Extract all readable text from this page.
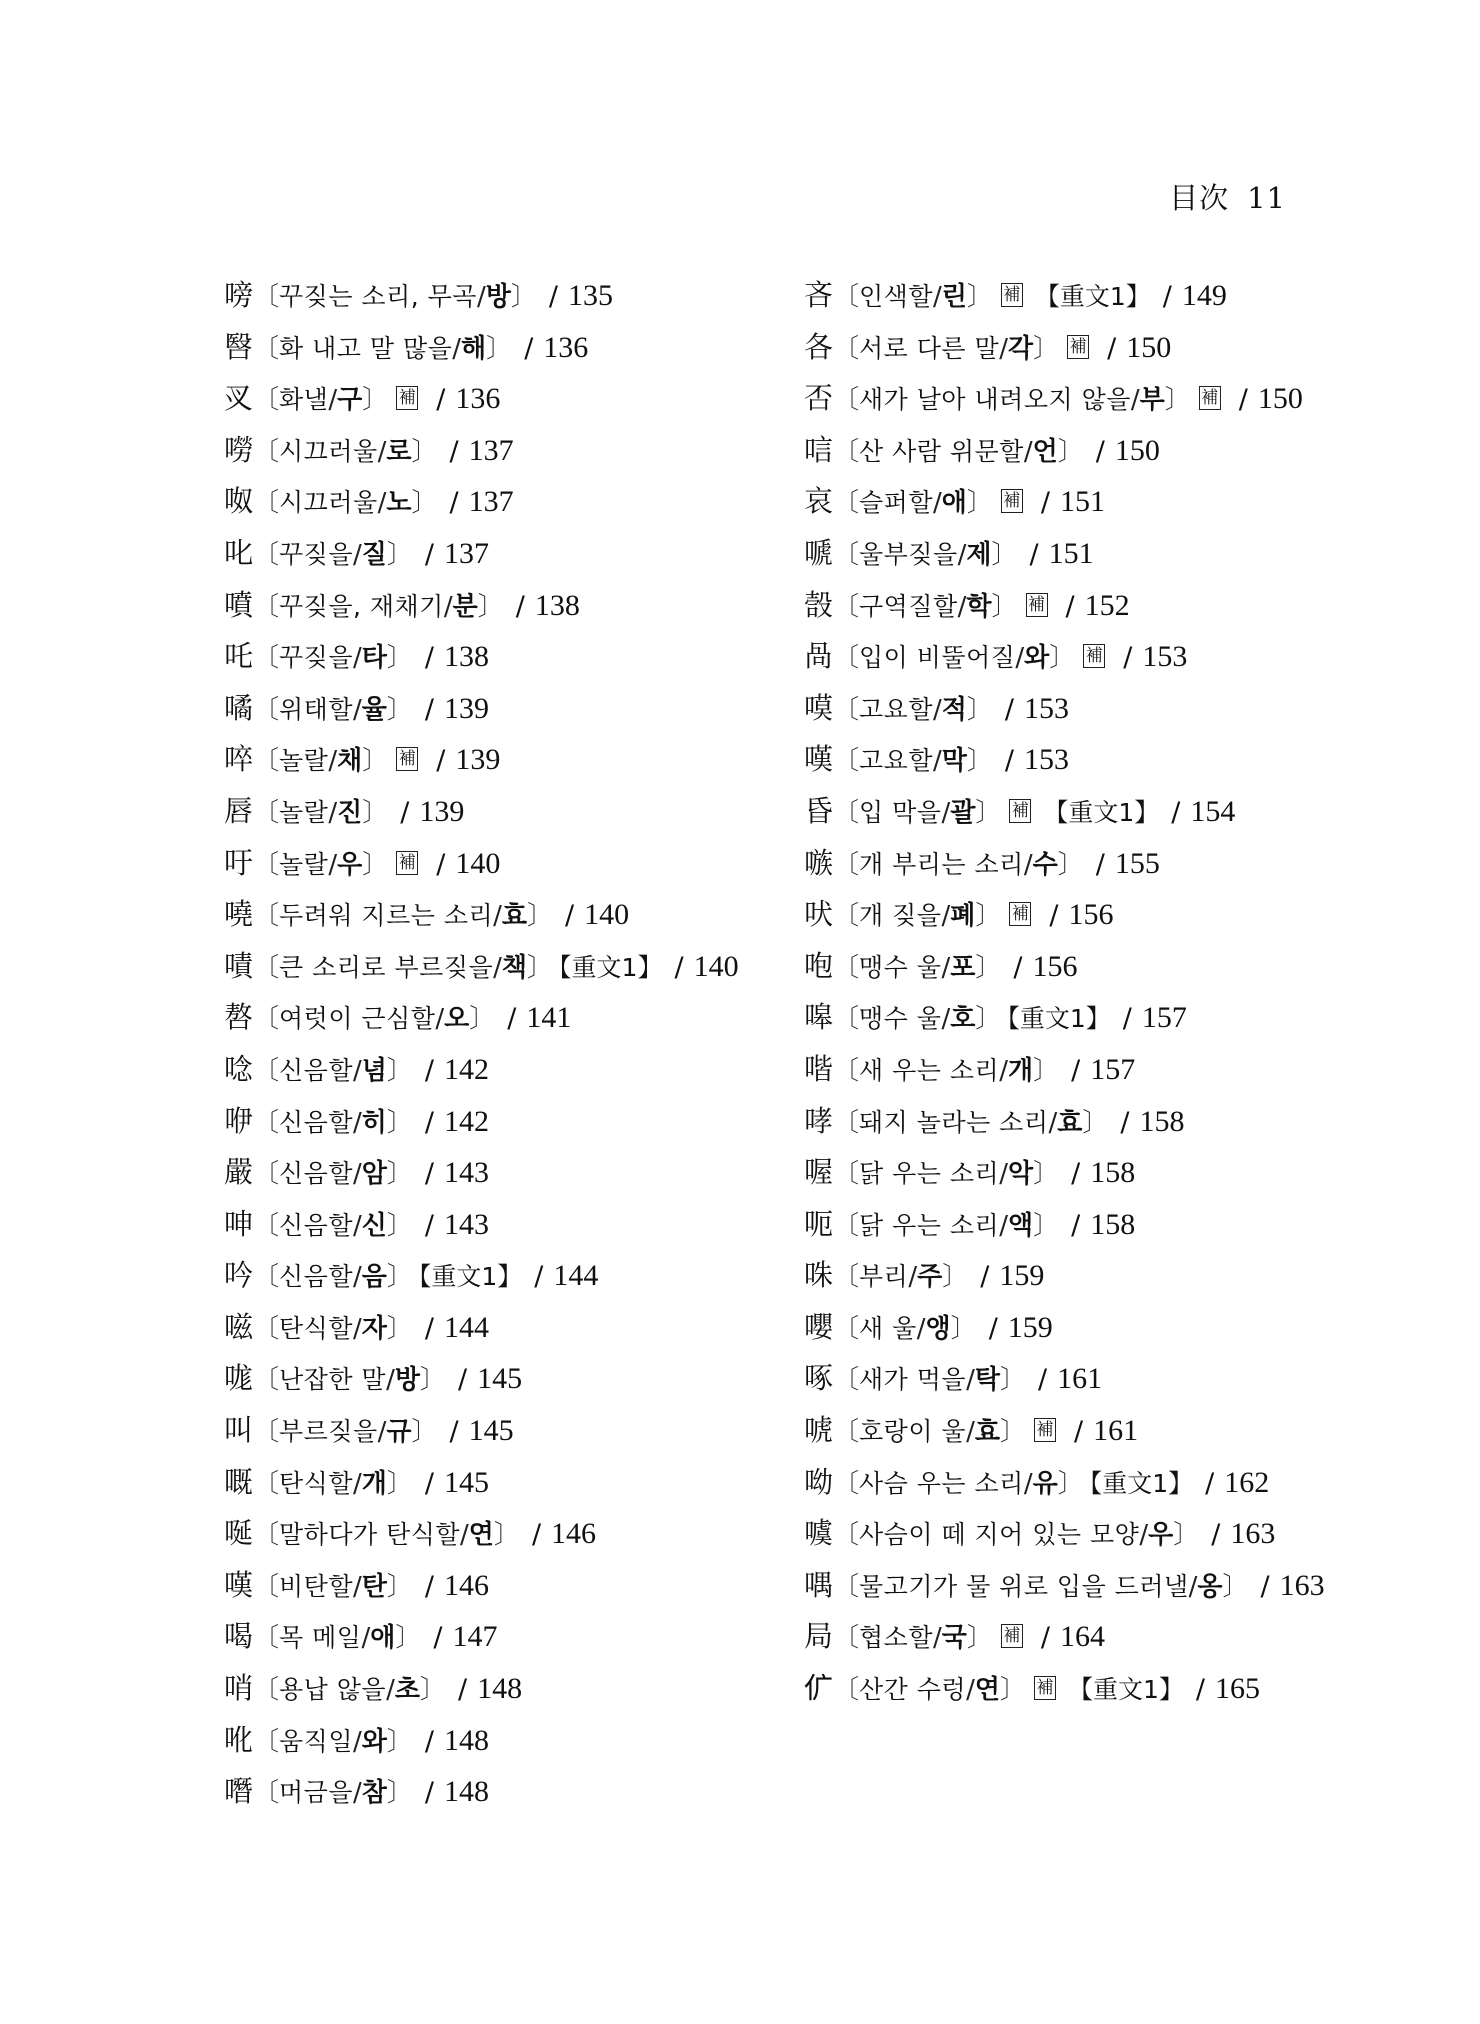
目次 11
嗙〔꾸짖는 소리, 무곡/방〕 / 135
㗨〔화 내고 말 많을/해〕 / 136
㕚〔화낼/구〕 補 / 136
嘮〔시끄러울/로〕 / 137
呶〔시끄러울/노〕 / 137
叱〔꾸짖을/질〕 / 137
噴〔꾸짖을, 재채기/분〕 / 138
吒〔꾸짖을/타〕 / 138
噊〔위태할/율〕 / 139
啐〔놀랄/채〕 補 / 139
唇〔놀랄/진〕 / 139
吁〔놀랄/우〕 補 / 140
嘵〔두려워 지르는 소리/효〕 / 140
嘖〔큰 소리로 부르짖을/책〕 【重文1】 / 140
嗸〔여럿이 근심할/오〕 / 141
唸〔신음할/념〕 / 142
咿〔신음할/히〕 / 142
嚴〔신음할/암〕 / 143
呻〔신음할/신〕 / 143
吟〔신음할/음〕 【重文1】 / 144
嗞〔탄식할/자〕 / 144
哤〔난잡한 말/방〕 / 145
叫〔부르짖을/규〕 / 145
嘅〔탄식할/개〕 / 145
唌〔말하다가 탄식할/연〕 / 146
嘆〔비탄할/탄〕 / 146
喝〔목 메일/애〕 / 147
哨〔용납 않을/초〕 / 148
吪〔움직일/와〕 / 148
噆〔머금을/참〕 / 148
吝〔인색할/린〕 補 【重文1】 / 149
各〔서로 다른 말/각〕 補 / 150
否〔새가 날아 내려오지 않을/부〕 補 / 150
唁〔산 사람 위문할/언〕 / 150
哀〔슬퍼할/애〕 補 / 151
嗁〔울부짖을/제〕 / 151
嗀〔구역질할/학〕 補 / 152
咼〔입이 비뚤어질/와〕 補 / 153
嗼〔고요할/적〕 / 153
嘆〔고요할/막〕 / 153
昏〔입 막을/괄〕 補 【重文1】 / 154
嗾〔개 부리는 소리/수〕 / 155
吠〔개 짖을/폐〕 補 / 156
咆〔맹수 울/포〕 / 156
嗥〔맹수 울/호〕 【重文1】 / 157
喈〔새 우는 소리/개〕 / 157
哮〔돼지 놀라는 소리/효〕 / 158
喔〔닭 우는 소리/악〕 / 158
呃〔닭 우는 소리/액〕 / 158
咮〔부리/주〕 / 159
嚶〔새 울/앵〕 / 159
啄〔새가 먹을/탁〕 / 161
唬〔호랑이 울/효〕 補 / 161
呦〔사슴 우는 소리/유〕 【重文1】 / 162
噳〔사슴이 떼 지어 있는 모양/우〕 / 163
喁〔물고기가 물 위로 입을 드러낼/옹〕 / 163
局〔협소할/국〕 補 / 164
𠆲〔산간 수렁/연〕 補 【重文1】 / 165
